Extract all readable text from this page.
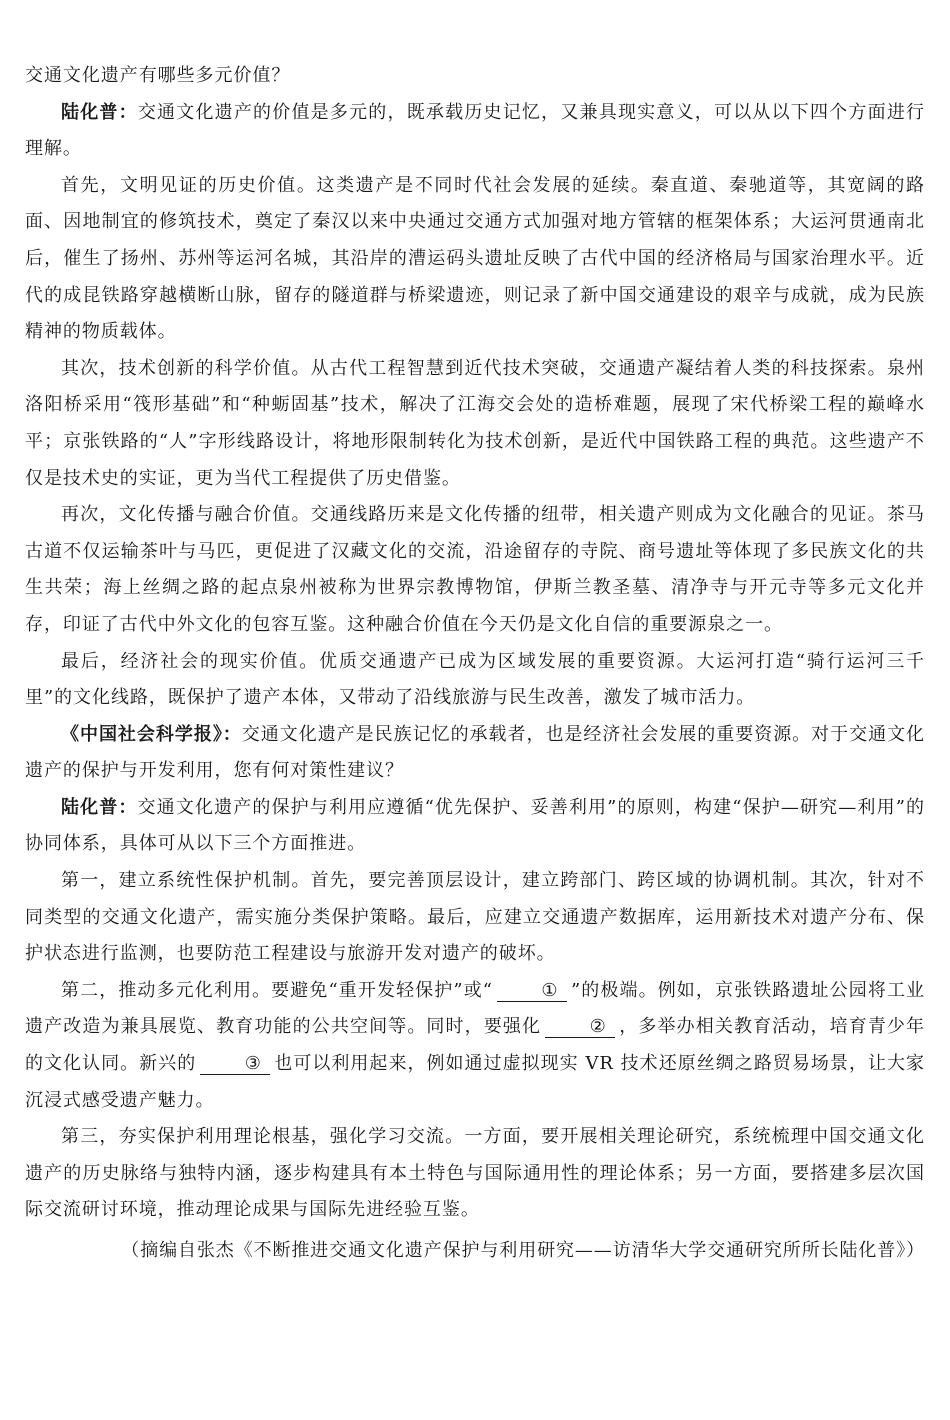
交通文化遗产有哪些多元价值？

陆化普：交通文化遗产的价值是多元的，既承载历史记忆，又兼具现实意义，可以从以下四个方面进行理解。

首先，文明见证的历史价值。这类遗产是不同时代社会发展的延续。秦直道、秦驰道等，其宽阔的路面、因地制宜的修筑技术，奠定了秦汉以来中央通过交通方式加强对地方管辖的框架体系；大运河贯通南北后，催生了扬州、苏州等运河名城，其沿岸的漕运码头遗址反映了古代中国的经济格局与国家治理水平。近代的成昆铁路穿越横断山脉，留存的隧道群与桥梁遗迹，则记录了新中国交通建设的艰辛与成就，成为民族精神的物质载体。

其次，技术创新的科学价值。从古代工程智慧到近代技术突破，交通遗产凝结着人类的科技探索。泉州洛阳桥采用“筏形基础”和“种蛎固基”技术，解决了江海交会处的造桥难题，展现了宋代桥梁工程的巅峰水平；京张铁路的“人”字形线路设计，将地形限制转化为技术创新，是近代中国铁路工程的典范。这些遗产不仅是技术史的实证，更为当代工程提供了历史借鉴。

再次，文化传播与融合价值。交通线路历来是文化传播的纽带，相关遗产则成为文化融合的见证。茶马古道不仅运输茶叶与马匹，更促进了汉藏文化的交流，沿途留存的寺院、商号遗址等体现了多民族文化的共生共荣；海上丝绸之路的起点泉州被称为世界宗教博物馆，伊斯兰教圣墓、清净寺与开元寺等多元文化并存，印证了古代中外文化的包容互鉴。这种融合价值在今天仍是文化自信的重要源泉之一。

最后，经济社会的现实价值。优质交通遗产已成为区域发展的重要资源。大运河打造“骑行运河三千里”的文化线路，既保护了遗产本体，又带动了沿线旅游与民生改善，激发了城市活力。

《中国社会科学报》：交通文化遗产是民族记忆的承载者，也是经济社会发展的重要资源。对于交通文化遗产的保护与开发利用，您有何对策性建议？

陆化普：交通文化遗产的保护与利用应遵循“优先保护、妥善利用”的原则，构建“保护—研究—利用”的协同体系，具体可从以下三个方面推进。

第一，建立系统性保护机制。首先，要完善顶层设计，建立跨部门、跨区域的协调机制。其次，针对不同类型的交通文化遗产，需实施分类保护策略。最后，应建立交通遗产数据库，运用新技术对遗产分布、保护状态进行监测，也要防范工程建设与旅游开发对遗产的破坏。

第二，推动多元化利用。要避免“重开发轻保护”或“	① ”的极端。例如，京张铁路遗址公园将工业遗产改造为兼具展览、教育功能的公共空间等。同时，要强化	② ，多举办相关教育活动，培育青少年的文化认同。新兴的	③ 也可以利用起来，例如通过虚拟现实 VR 技术还原丝绸之路贸易场景，让大家沉浸式感受遗产魅力。

第三，夯实保护利用理论根基，强化学习交流。一方面，要开展相关理论研究，系统梳理中国交通文化遗产的历史脉络与独特内涵，逐步构建具有本土特色与国际通用性的理论体系；另一方面，要搭建多层次国际交流研讨环境，推动理论成果与国际先进经验互鉴。

（摘编自张杰《不断推进交通文化遗产保护与利用研究——访清华大学交通研究所所长陆化普》）
